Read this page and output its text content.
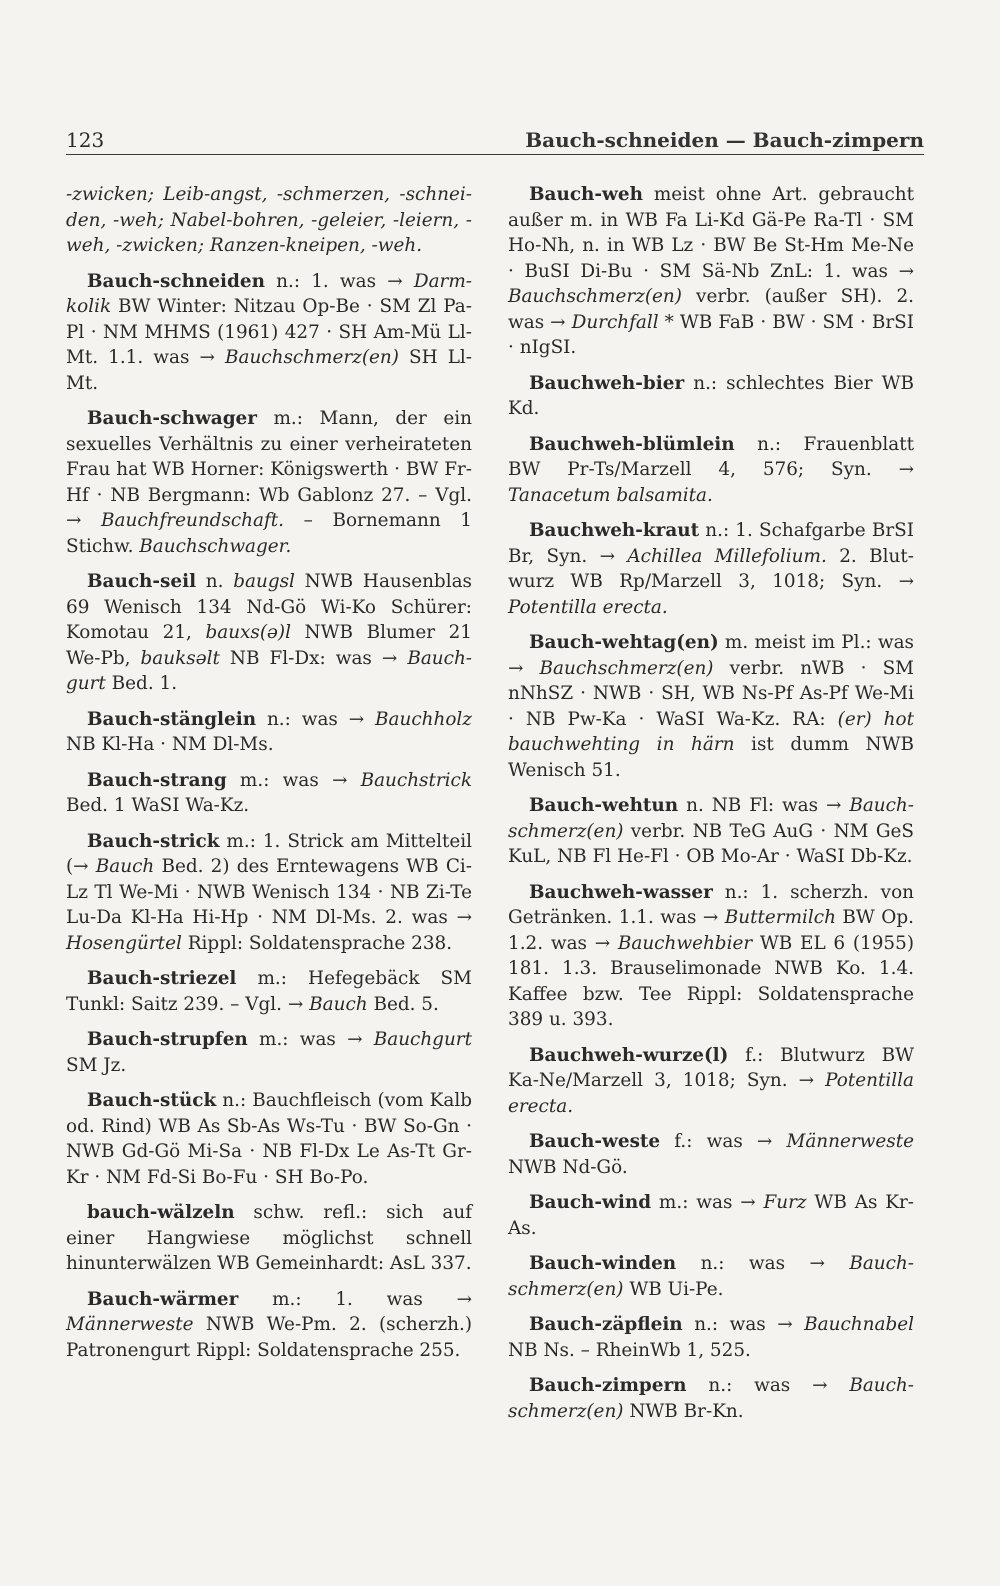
123	Bauch-schneiden — Bauch-zimpern

-zwicken; Leib-angst, -schmerzen, -schneiden, -weh; Nabel-bohren, -geleier, -leiern, -weh, -zwicken; Ranzen-kneipen, -weh.

Bauch-schneiden n.: 1. was → Darmkolik BW Winter: Nitzau Op-Be · SM Zl Pa-Pl · NM MHMS (1961) 427 · SH Am-Mü Ll-Mt. 1.1. was → Bauchschmerz(en) SH Ll-Mt.

Bauch-schwager m.: Mann, der ein sexuelles Verhältnis zu einer verheirateten Frau hat WB Horner: Königswerth · BW Fr-Hf · NB Bergmann: Wb Gablonz 27. – Vgl. → Bauchfreundschaft. – Bornemann 1 Stichw. Bauchschwager.

Bauch-seil n. baugsl NWB Hausenblas 69 Wenisch 134 Nd-Gö Wi-Ko Schürer: Komotau 21, bauxs(ə)l NWB Blumer 21 We-Pb, bauksəlt NB Fl-Dx: was → Bauchgurt Bed. 1.

Bauch-stänglein n.: was → Bauchholz NB Kl-Ha · NM Dl-Ms.

Bauch-strang m.: was → Bauchstrick Bed. 1 WaSI Wa-Kz.

Bauch-strick m.: 1. Strick am Mittelteil (→ Bauch Bed. 2) des Erntewagens WB Ci-Lz Tl We-Mi · NWB Wenisch 134 · NB Zi-Te Lu-Da Kl-Ha Hi-Hp · NM Dl-Ms. 2. was → Hosengürtel Rippl: Soldatensprache 238.

Bauch-striezel m.: Hefegebäck SM Tunkl: Saitz 239. – Vgl. → Bauch Bed. 5.

Bauch-strupfen m.: was → Bauchgurt SM Jz.

Bauch-stück n.: Bauchfleisch (vom Kalb od. Rind) WB As Sb-As Ws-Tu · BW So-Gn · NWB Gd-Gö Mi-Sa · NB Fl-Dx Le As-Tt Gr-Kr · NM Fd-Si Bo-Fu · SH Bo-Po.

bauch-wälzeln schw. refl.: sich auf einer Hangwiese möglichst schnell hinunterwälzen WB Gemeinhardt: AsL 337.

Bauch-wärmer m.: 1. was → Männerweste NWB We-Pm. 2. (scherzh.) Patronengurt Rippl: Soldatensprache 255.

Bauch-weh meist ohne Art. gebraucht außer m. in WB Fa Li-Kd Gä-Pe Ra-Tl · SM Ho-Nh, n. in WB Lz · BW Be St-Hm Me-Ne · BuSI Di-Bu · SM Sä-Nb ZnL: 1. was → Bauchschmerz(en) verbr. (außer SH). 2. was → Durchfall * WB FaB · BW · SM · BrSI · nIgSI.

Bauchweh-bier n.: schlechtes Bier WB Kd.

Bauchweh-blümlein n.: Frauenblatt BW Pr-Ts/Marzell 4, 576; Syn. → Tanacetum balsamita.

Bauchweh-kraut n.: 1. Schafgarbe BrSI Br, Syn. → Achillea Millefolium. 2. Blutwurz WB Rp/Marzell 3, 1018; Syn. → Potentilla erecta.

Bauch-wehtag(en) m. meist im Pl.: was → Bauchschmerz(en) verbr. nWB · SM nNhSZ · NWB · SH, WB Ns-Pf As-Pf We-Mi · NB Pw-Ka · WaSI Wa-Kz. RA: (er) hot bauchwehting in härn ist dumm NWB Wenisch 51.

Bauch-wehtun n. NB Fl: was → Bauchschmerz(en) verbr. NB TeG AuG · NM GeS KuL, NB Fl He-Fl · OB Mo-Ar · WaSI Db-Kz.

Bauchweh-wasser n.: 1. scherzh. von Getränken. 1.1. was → Buttermilch BW Op. 1.2. was → Bauchwehbier WB EL 6 (1955) 181. 1.3. Brauselimonade NWB Ko. 1.4. Kaffee bzw. Tee Rippl: Soldatensprache 389 u. 393.

Bauchweh-wurze(l) f.: Blutwurz BW Ka-Ne/Marzell 3, 1018; Syn. → Potentilla erecta.

Bauch-weste f.: was → Männerweste NWB Nd-Gö.

Bauch-wind m.: was → Furz WB As Kr-As.

Bauch-winden n.: was → Bauchschmerz(en) WB Ui-Pe.

Bauch-zäpflein n.: was → Bauchnabel NB Ns. – RheinWb 1, 525.

Bauch-zimpern n.: was → Bauchschmerz(en) NWB Br-Kn.
